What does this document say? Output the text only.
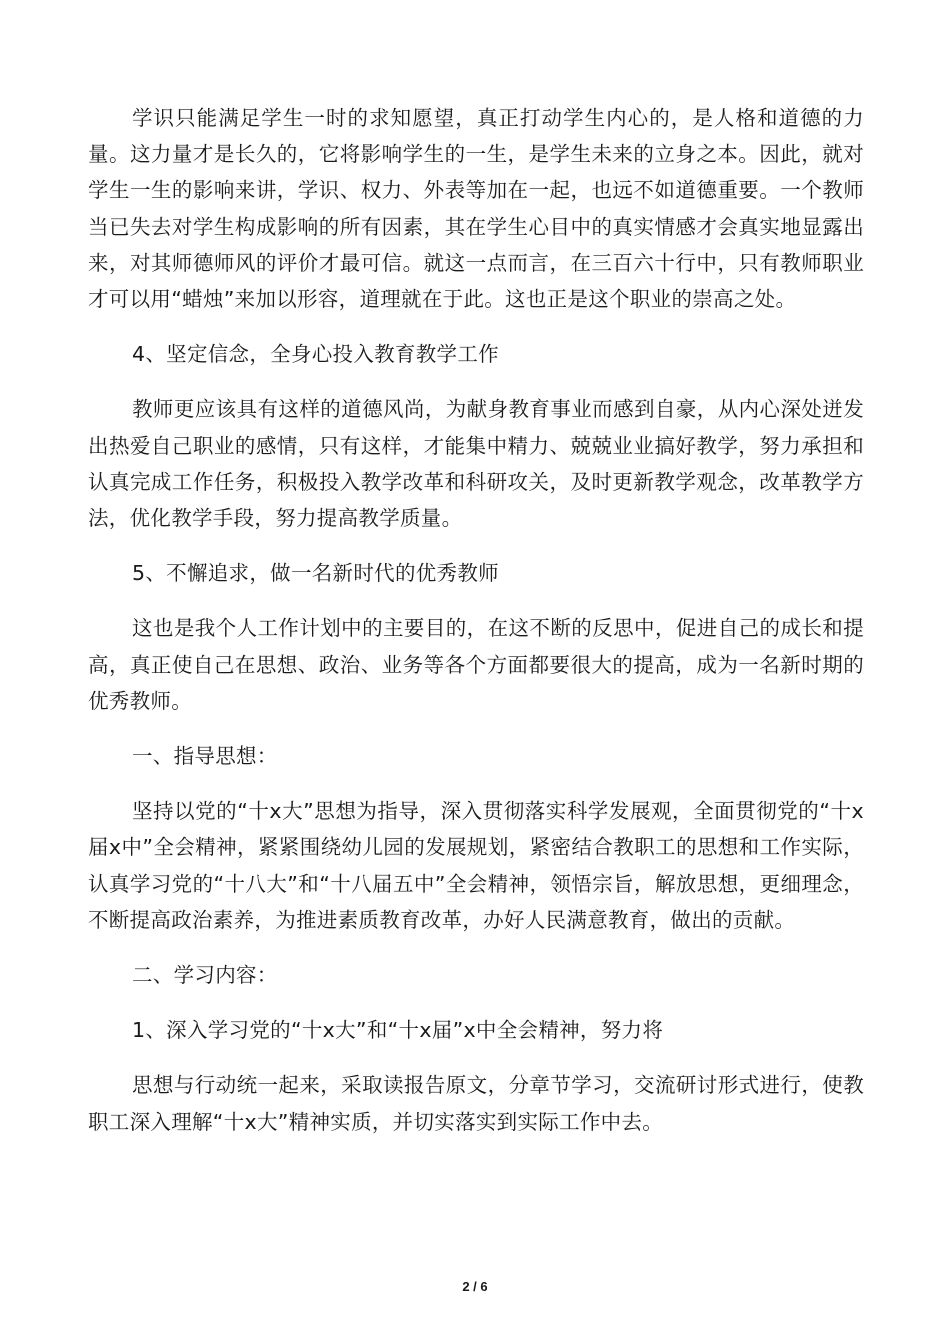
学识只能满足学生一时的求知愿望，真正打动学生内心的，是人格和道德的力量。这力量才是长久的，它将影响学生的一生，是学生未来的立身之本。因此，就对学生一生的影响来讲，学识、权力、外表等加在一起，也远不如道德重要。一个教师当已失去对学生构成影响的所有因素，其在学生心目中的真实情感才会真实地显露出来，对其师德师风的评价才最可信。就这一点而言，在三百六十行中，只有教师职业才可以用“蜡烛”来加以形容，道理就在于此。这也正是这个职业的崇高之处。

4、坚定信念，全身心投入教育教学工作

教师更应该具有这样的道德风尚，为献身教育事业而感到自豪，从内心深处迸发出热爱自己职业的感情，只有这样，才能集中精力、兢兢业业搞好教学，努力承担和认真完成工作任务，积极投入教学改革和科研攻关，及时更新教学观念，改革教学方法，优化教学手段，努力提高教学质量。

5、不懈追求，做一名新时代的优秀教师

这也是我个人工作计划中的主要目的，在这不断的反思中，促进自己的成长和提高，真正使自己在思想、政治、业务等各个方面都要很大的提高，成为一名新时期的优秀教师。

一、指导思想：

坚持以党的“十x大”思想为指导，深入贯彻落实科学发展观，全面贯彻党的“十x届x中”全会精神，紧紧围绕幼儿园的发展规划，紧密结合教职工的思想和工作实际，认真学习党的“十八大”和“十八届五中”全会精神，领悟宗旨，解放思想，更细理念，不断提高政治素养，为推进素质教育改革，办好人民满意教育，做出的贡献。

二、学习内容：

1、深入学习党的“十x大”和“十x届”x中全会精神，努力将

思想与行动统一起来，采取读报告原文，分章节学习，交流研讨形式进行，使教职工深入理解“十x大”精神实质，并切实落实到实际工作中去。

2 / 6
